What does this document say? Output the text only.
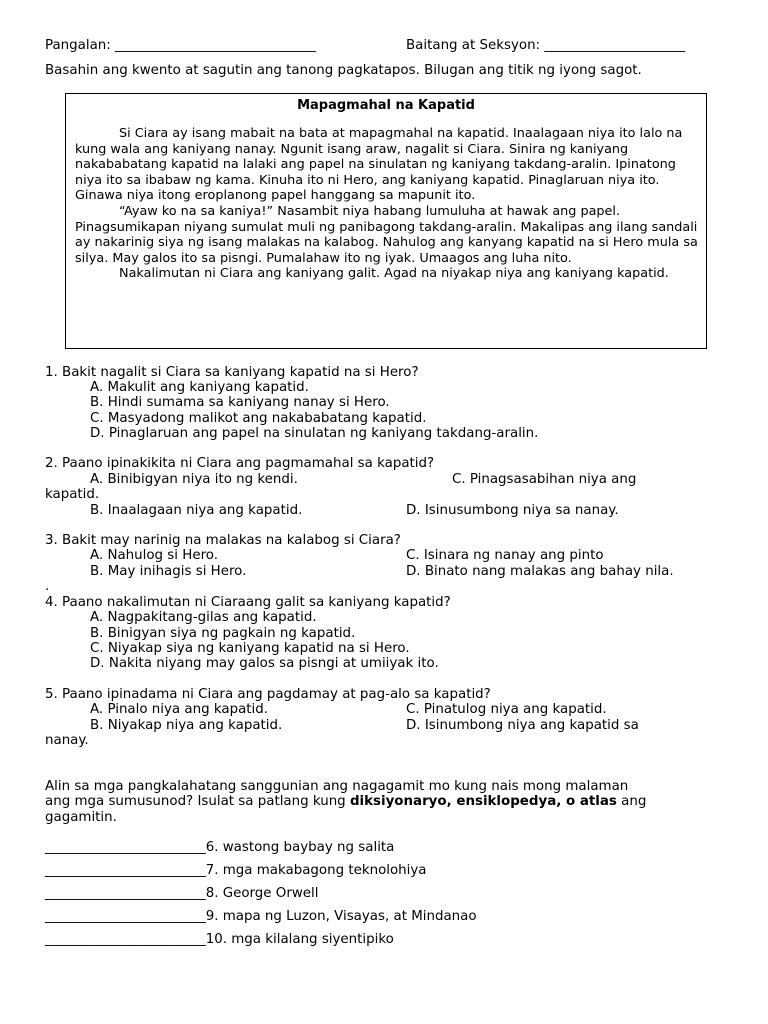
Pangalan: ______________________________	Baitang at Seksyon: _____________________
Basahin ang kwento at sagutin ang tanong pagkatapos. Bilugan ang titik ng iyong sagot.
Mapagmahal na Kapatid

Si Ciara ay isang mabait na bata at mapagmahal na kapatid. Inaalagaan niya ito lalo na kung wala ang kaniyang nanay. Ngunit isang araw, nagalit si Ciara. Sinira ng kaniyang nakababatang kapatid na lalaki ang papel na sinulatan ng kaniyang takdang-aralin. Ipinatong niya ito sa ibabaw ng kama. Kinuha ito ni Hero, ang kaniyang kapatid. Pinaglaruan niya ito. Ginawa niya itong eroplanong papel hanggang sa mapunit ito.

“Ayaw ko na sa kaniya!” Nasambit niya habang lumuluha at hawak ang papel. Pinagsumikapan niyang sumulat muli ng panibagong takdang-aralin. Makalipas ang ilang sandali ay nakarinig siya ng isang malakas na kalabog. Nahulog ang kanyang kapatid na si Hero mula sa silya. May galos ito sa pisngi. Pumalahaw ito ng iyak. Umaagos ang luha nito.

Nakalimutan ni Ciara ang kaniyang galit. Agad na niyakap niya ang kaniyang kapatid.

1. Bakit nagalit si Ciara sa kaniyang kapatid na si Hero?
A. Makulit ang kaniyang kapatid.
B. Hindi sumama sa kaniyang nanay si Hero.
C. Masyadong malikot ang nakababatang kapatid.
D. Pinaglaruan ang papel na sinulatan ng kaniyang takdang-aralin.
2. Paano ipinakikita ni Ciara ang pagmamahal sa kapatid?
A. Binibigyan niya ito ng kendi.	C. Pinagsasabihan niya ang
kapatid.
B. Inaalagaan niya ang kapatid.	D. Isinusumbong niya sa nanay.
3. Bakit may narinig na malakas na kalabog si Ciara?
A. Nahulog si Hero.	C. Isinara ng nanay ang pinto
B. May inihagis si Hero.	D. Binato nang malakas ang bahay nila.
.
4. Paano nakalimutan ni Ciaraang galit sa kaniyang kapatid?
A. Nagpakitang-gilas ang kapatid.
B. Binigyan siya ng pagkain ng kapatid.
C. Niyakap siya ng kaniyang kapatid na si Hero.
D. Nakita niyang may galos sa pisngi at umiiyak ito.
5. Paano ipinadama ni Ciara ang pagdamay at pag-alo sa kapatid?
A. Pinalo niya ang kapatid.	C. Pinatulog niya ang kapatid.
B. Niyakap niya ang kapatid.	D. Isinumbong niya ang kapatid sa
nanay.
Alin sa mga pangkalahatang sanggunian ang nagagamit mo kung nais mong malaman
ang mga sumusunod? Isulat sa patlang kung diksiyonaryo, ensiklopedya, o atlas ang
gagamitin.
________________________6. wastong baybay ng salita
________________________7. mga makabagong teknolohiya
________________________8. George Orwell
________________________9. mapa ng Luzon, Visayas, at Mindanao
________________________10. mga kilalang siyentipiko
